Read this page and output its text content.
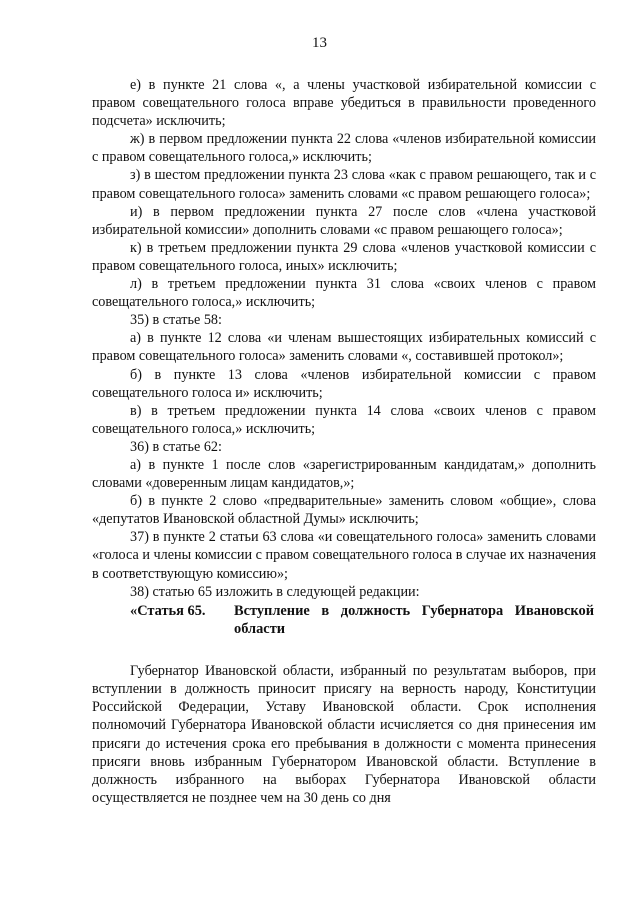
13

е) в пункте 21 слова «, а члены участковой избирательной комиссии с правом совещательного голоса вправе убедиться в правильности проведенного подсчета» исключить;

ж) в первом предложении пункта 22 слова «членов избирательной комиссии с правом совещательного голоса,» исключить;

з) в шестом предложении пункта 23 слова «как с правом решающего, так и с правом совещательного голоса» заменить словами «с правом решающего голоса»;

и) в первом предложении пункта 27 после слов «члена участковой избирательной комиссии» дополнить словами «с правом решающего голоса»;

к) в третьем предложении пункта 29 слова «членов участковой комиссии с правом совещательного голоса, иных» исключить;

л) в третьем предложении пункта 31 слова «своих членов с правом совещательного голоса,» исключить;

35) в статье 58:

а) в пункте 12 слова «и членам вышестоящих избирательных комиссий с правом совещательного голоса» заменить словами «, составившей протокол»;

б) в пункте 13 слова «членов избирательной комиссии с правом совещательного голоса и» исключить;

в) в третьем предложении пункта 14 слова «своих членов с правом совещательного голоса,» исключить;

36) в статье 62:

а) в пункте 1 после слов «зарегистрированным кандидатам,» дополнить словами «доверенным лицам кандидатов,»;

б) в пункте 2 слово «предварительные» заменить словом «общие», слова «депутатов Ивановской областной Думы» исключить;

37) в пункте 2 статьи 63 слова «и совещательного голоса» заменить словами «голоса и члены комиссии с правом совещательного голоса в случае их назначения в соответствующую комиссию»;

38) статью 65 изложить в следующей редакции:

«Статья 65. Вступление в должность Губернатора Ивановской области

Губернатор Ивановской области, избранный по результатам выборов, при вступлении в должность приносит присягу на верность народу, Конституции Российской Федерации, Уставу Ивановской области. Срок исполнения полномочий Губернатора Ивановской области исчисляется со дня принесения им присяги до истечения срока его пребывания в должности с момента принесения присяги вновь избранным Губернатором Ивановской области. Вступление в должность избранного на выборах Губернатора Ивановской области осуществляется не позднее чем на 30 день со дня
